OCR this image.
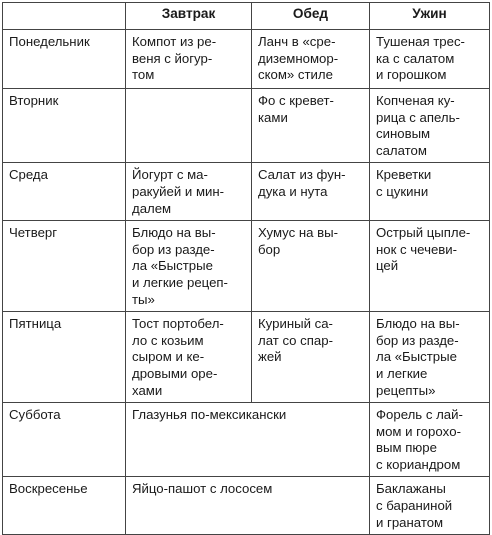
	Завтрак	Обед	Ужин
Понедельник	Компот из ре-
веня с йогур-
том	Ланч в «сре-
диземномор-
ском» стиле	Тушеная трес-
ка с салатом
и горошком

Вторник		Фо с кревет-
ками	Копченая ку-
рица с апель-
синовым
салатом

Среда	Йогурт с ма-
ракуйей и мин-
далем	Салат из фун-
дука и нута	Креветки
с цукини

Четверг	Блюдо на вы-
бор из разде-
ла «Быстрые
и легкие рецеп-
ты»	Хумус на вы-
бор	Острый цыпле-
нок с чечеви-
цей

Пятница	Тост портобел-
ло с козьим
сыром и ке-
дровыми оре-
хами	Куриный са-
лат со спар-
жей	Блюдо на вы-
бор из разде-
ла «Быстрые
и легкие
рецепты»

Суббота	Глазунья по-мексикански		Форель с лай-
мом и гороxo-
вым пюре
с кориандром

Воскресенье	Яйцо-пашот с лососем		Баклажаны
с бараниной
и гранатом
